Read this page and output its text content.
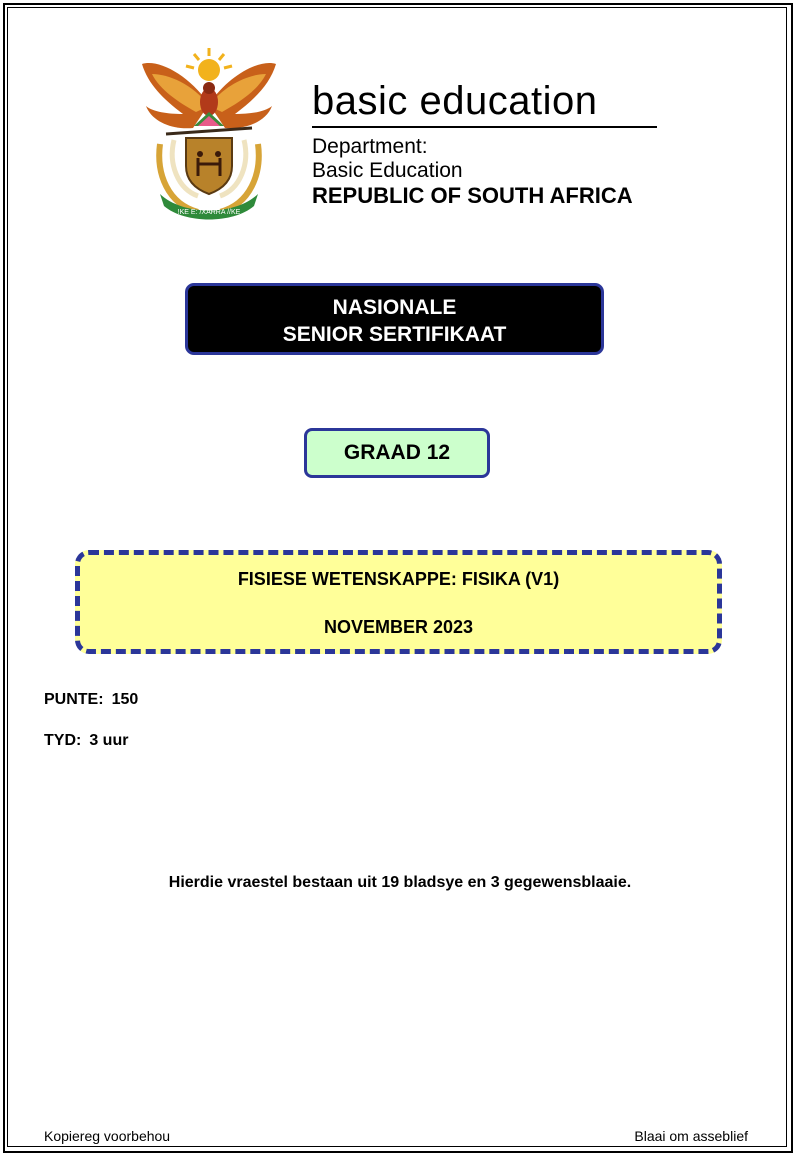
!KE E: /XARRA //KE
basic education
Department:
Basic Education
REPUBLIC OF SOUTH AFRICA
NASIONALE
SENIOR SERTIFIKAAT
GRAAD 12
FISIESE WETENSKAPPE: FISIKA (V1)
NOVEMBER 2023
PUNTE: 150
TYD: 3 uur
Hierdie vraestel bestaan uit 19 bladsye en 3 gegewensblaaie.
Kopiereg voorbehou	Blaai om asseblief
